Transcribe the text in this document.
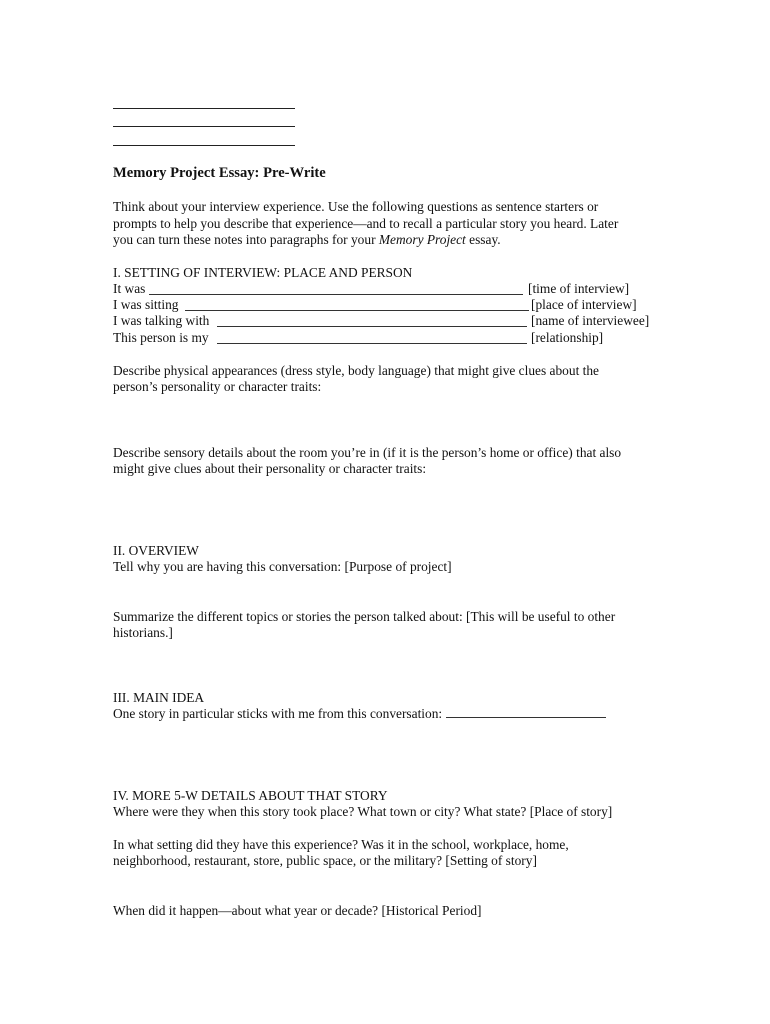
Memory Project Essay: Pre-Write
Think about your interview experience. Use the following questions as sentence starters or
prompts to help you describe that experience—and to recall a particular story you heard. Later
you can turn these notes into paragraphs for your Memory Project essay.
I. SETTING OF INTERVIEW: PLACE AND PERSON
It was	[time of interview]
I was sitting	[place of interview]
I was talking with	[name of interviewee]
This person is my	[relationship]
Describe physical appearances (dress style, body language) that might give clues about the
person’s personality or character traits:
Describe sensory details about the room you’re in (if it is the person’s home or office) that also
might give clues about their personality or character traits:
II. OVERVIEW
Tell why you are having this conversation: [Purpose of project]
Summarize the different topics or stories the person talked about: [This will be useful to other
historians.]
III. MAIN IDEA
One story in particular sticks with me from this conversation:
IV. MORE 5-W DETAILS ABOUT THAT STORY
Where were they when this story took place? What town or city? What state? [Place of story]
In what setting did they have this experience? Was it in the school, workplace, home,
neighborhood, restaurant, store, public space, or the military? [Setting of story]
When did it happen—about what year or decade? [Historical Period]
